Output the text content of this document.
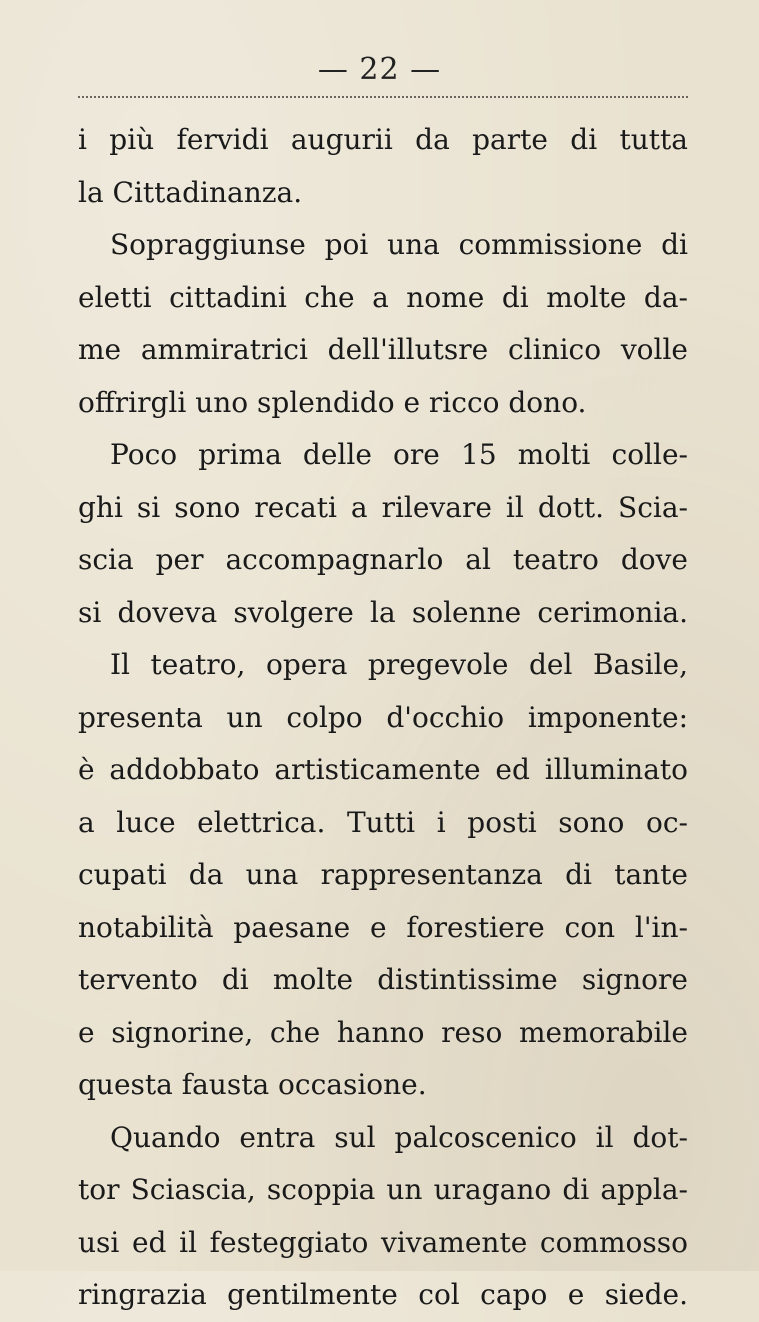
— 22 —
i più fervidi augurii da parte di tutta
la Cittadinanza.
Sopraggiunse poi una commissione di
eletti cittadini che a nome di molte da-
me ammiratrici dell'illutsre clinico volle
offrirgli uno splendido e ricco dono.
Poco prima delle ore 15 molti colle-
ghi si sono recati a rilevare il dott. Scia-
scia per accompagnarlo al teatro dove
si doveva svolgere la solenne cerimonia.
Il teatro, opera pregevole del Basile,
presenta un colpo d'occhio imponente:
è addobbato artisticamente ed illuminato
a luce elettrica. Tutti i posti sono oc-
cupati da una rappresentanza di tante
notabilità paesane e forestiere con l'in-
tervento di molte distintissime signore
e signorine, che hanno reso memorabile
questa fausta occasione.
Quando entra sul palcoscenico il dot-
tor Sciascia, scoppia un uragano di appla-
usi ed il festeggiato vivamente commosso
ringrazia gentilmente col capo e siede.
